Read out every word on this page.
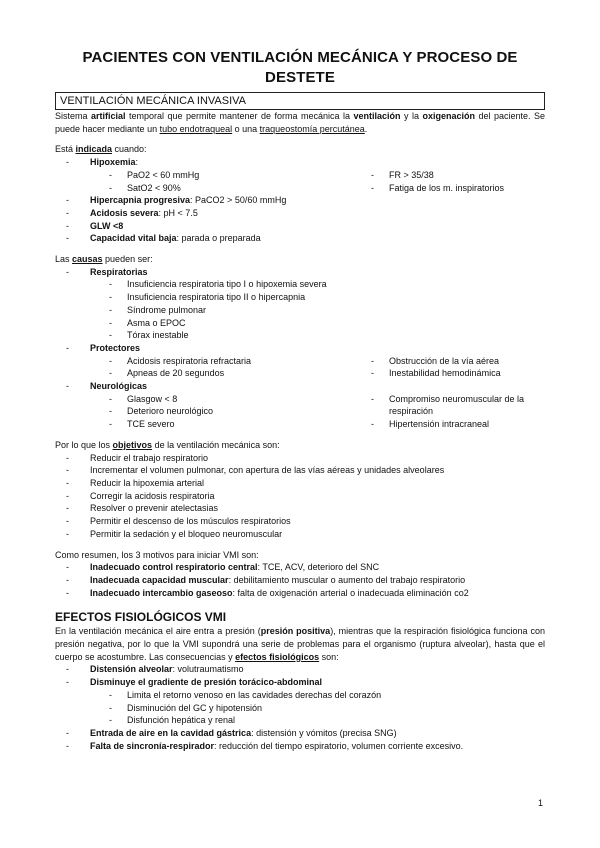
PACIENTES CON VENTILACIÓN MECÁNICA Y PROCESO DE DESTETE
VENTILACIÓN MECÁNICA INVASIVA

Sistema artificial temporal que permite mantener de forma mecánica la ventilación y la oxigenación del paciente. Se puede hacer mediante un tubo endotraqueal o una traqueostomía percutánea.

Está indicada cuando:

-	Hipoxemia:
-	PaO2 < 60 mmHg	-	FR > 35/38
-	SatO2 < 90%	-	Fatiga de los m. inspiratorios
-	Hipercapnia progresiva: PaCO2 > 50/60 mmHg
-	Acidosis severa: pH < 7.5
-	GLW <8
-	Capacidad vital baja: parada o preparada

Las causas pueden ser:

-	Respiratorias
-	Insuficiencia respiratoria tipo I o hipoxemia severa
-	Insuficiencia respiratoria tipo II o hipercapnia
-	Síndrome pulmonar
-	Asma o EPOC
-	Tórax inestable
-	Protectores
-	Acidosis respiratoria refractaria	-	Obstrucción de la vía aérea
-	Apneas de 20 segundos	-	Inestabilidad hemodinámica
-	Neurológicas
-	Glasgow < 8	-	Compromiso neuromuscular de la
-	Deterioro neurológico	respiración
-	TCE severo	-	Hipertensión intracraneal

Por lo que los objetivos de la ventilación mecánica son:

-	Reducir el trabajo respiratorio
-	Incrementar el volumen pulmonar, con apertura de las vías aéreas y unidades alveolares
-	Reducir la hipoxemia arterial
-	Corregir la acidosis respiratoria
-	Resolver o prevenir atelectasias
-	Permitir el descenso de los músculos respiratorios
-	Permitir la sedación y el bloqueo neuromuscular

Como resumen, los 3 motivos para iniciar VMI son:

-	Inadecuado control respiratorio central: TCE, ACV, deterioro del SNC
-	Inadecuada capacidad muscular: debilitamiento muscular o aumento del trabajo respiratorio
-	Inadecuado intercambio gaseoso: falta de oxigenación arterial o inadecuada eliminación co2
EFECTOS FISIOLÓGICOS VMI

En la ventilación mecánica el aire entra a presión (presión positiva), mientras que la respiración fisiológica funciona con presión negativa, por lo que la VMI supondrá una serie de problemas para el organismo (ruptura alveolar), hasta que el cuerpo se acostumbre. Las consecuencias y efectos fisiológicos son:

-	Distensión alveolar: volutraumatismo
-	Disminuye el gradiente de presión torácico-abdominal
-	Limita el retorno venoso en las cavidades derechas del corazón
-	Disminución del GC y hipotensión
-	Disfunción hepática y renal
-	Entrada de aire en la cavidad gástrica: distensión y vómitos (precisa SNG)
-	Falta de sincronía-respirador: reducción del tiempo espiratorio, volumen corriente excesivo.
1
